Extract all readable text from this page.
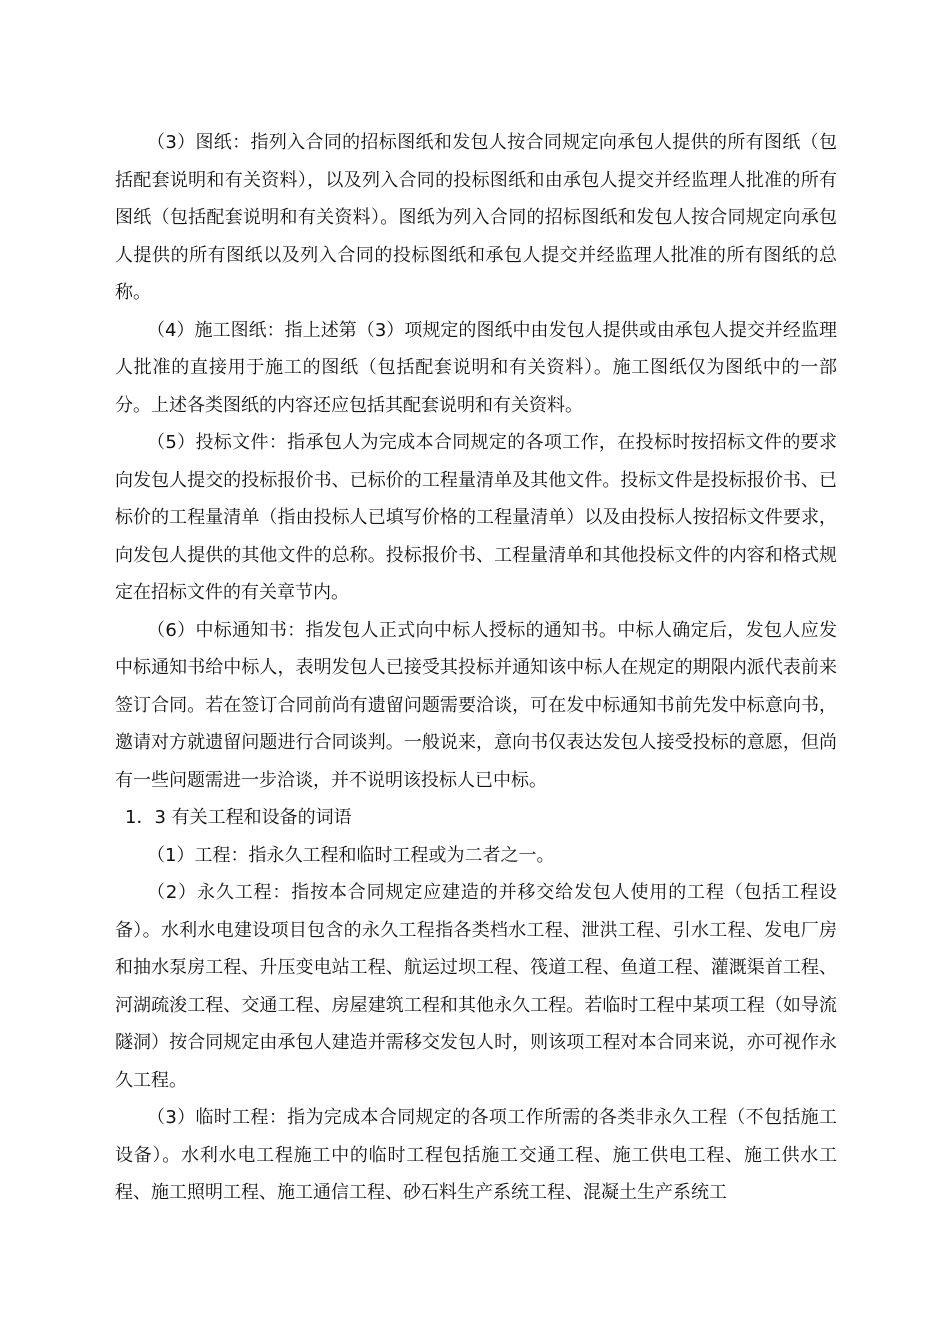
（3）图纸：指列入合同的招标图纸和发包人按合同规定向承包人提供的所有图纸（包括配套说明和有关资料），以及列入合同的投标图纸和由承包人提交并经监理人批准的所有图纸（包括配套说明和有关资料）。图纸为列入合同的招标图纸和发包人按合同规定向承包人提供的所有图纸以及列入合同的投标图纸和承包人提交并经监理人批准的所有图纸的总称。

（4）施工图纸：指上述第（3）项规定的图纸中由发包人提供或由承包人提交并经监理人批准的直接用于施工的图纸（包括配套说明和有关资料）。施工图纸仅为图纸中的一部分。上述各类图纸的内容还应包括其配套说明和有关资料。

（5）投标文件：指承包人为完成本合同规定的各项工作，在投标时按招标文件的要求向发包人提交的投标报价书、已标价的工程量清单及其他文件。投标文件是投标报价书、已标价的工程量清单（指由投标人已填写价格的工程量清单）以及由投标人按招标文件要求，向发包人提供的其他文件的总称。投标报价书、工程量清单和其他投标文件的内容和格式规定在招标文件的有关章节内。

（6）中标通知书：指发包人正式向中标人授标的通知书。中标人确定后，发包人应发中标通知书给中标人，表明发包人已接受其投标并通知该中标人在规定的期限内派代表前来签订合同。若在签订合同前尚有遗留问题需要洽谈，可在发中标通知书前先发中标意向书，邀请对方就遗留问题进行合同谈判。一般说来，意向书仅表达发包人接受投标的意愿，但尚有一些问题需进一步洽谈，并不说明该投标人已中标。

1．3 有关工程和设备的词语

（1）工程：指永久工程和临时工程或为二者之一。

（2）永久工程：指按本合同规定应建造的并移交给发包人使用的工程（包括工程设备）。水利水电建设项目包含的永久工程指各类档水工程、泄洪工程、引水工程、发电厂房和抽水泵房工程、升压变电站工程、航运过坝工程、筏道工程、鱼道工程、灌溉渠首工程、河湖疏浚工程、交通工程、房屋建筑工程和其他永久工程。若临时工程中某项工程（如导流隧洞）按合同规定由承包人建造并需移交发包人时，则该项工程对本合同来说，亦可视作永久工程。

（3）临时工程：指为完成本合同规定的各项工作所需的各类非永久工程（不包括施工设备）。水利水电工程施工中的临时工程包括施工交通工程、施工供电工程、施工供水工程、施工照明工程、施工通信工程、砂石料生产系统工程、混凝土生产系统工
